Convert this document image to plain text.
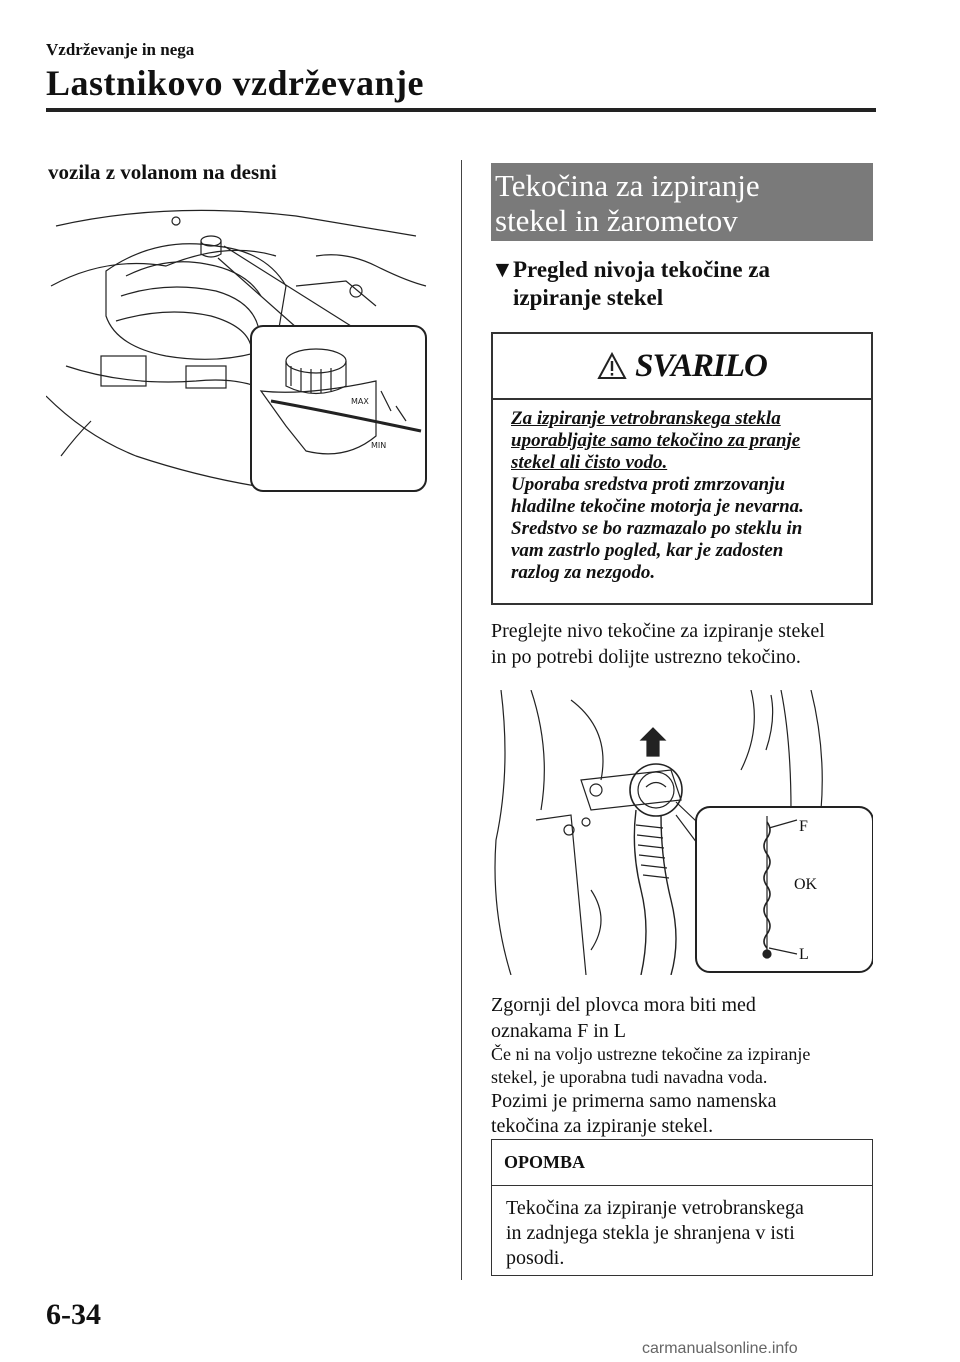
Vzdrževanje in nega
Lastnikovo vzdrževanje
vozila z volanom na desni
MAX
MIN
Tekočina za izpiranje
stekel in žarometov
▼Pregled nivoja tekočine za
izpiranje stekel
SVARILO
Za izpiranje vetrobranskega stekla
uporabljajte samo tekočino za pranje
stekel ali čisto vodo.
Uporaba sredstva proti zmrzovanju
hladilne tekočine motorja je nevarna.
Sredstvo se bo razmazalo po steklu in
vam zastrlo pogled, kar je zadosten
razlog za nezgodo.
Preglejte nivo tekočine za izpiranje stekel
in po potrebi dolijte ustrezno tekočino.
F
OK
L
Zgornji del plovca mora biti med
oznakama F in L
Če ni na voljo ustrezne tekočine za izpiranje
stekel, je uporabna tudi navadna voda.
Pozimi je primerna samo namenska
tekočina za izpiranje stekel.
OPOMBA
Tekočina za izpiranje vetrobranskega
in zadnjega stekla je shranjena v isti
posodi.
6-34
carmanualsonline.info
